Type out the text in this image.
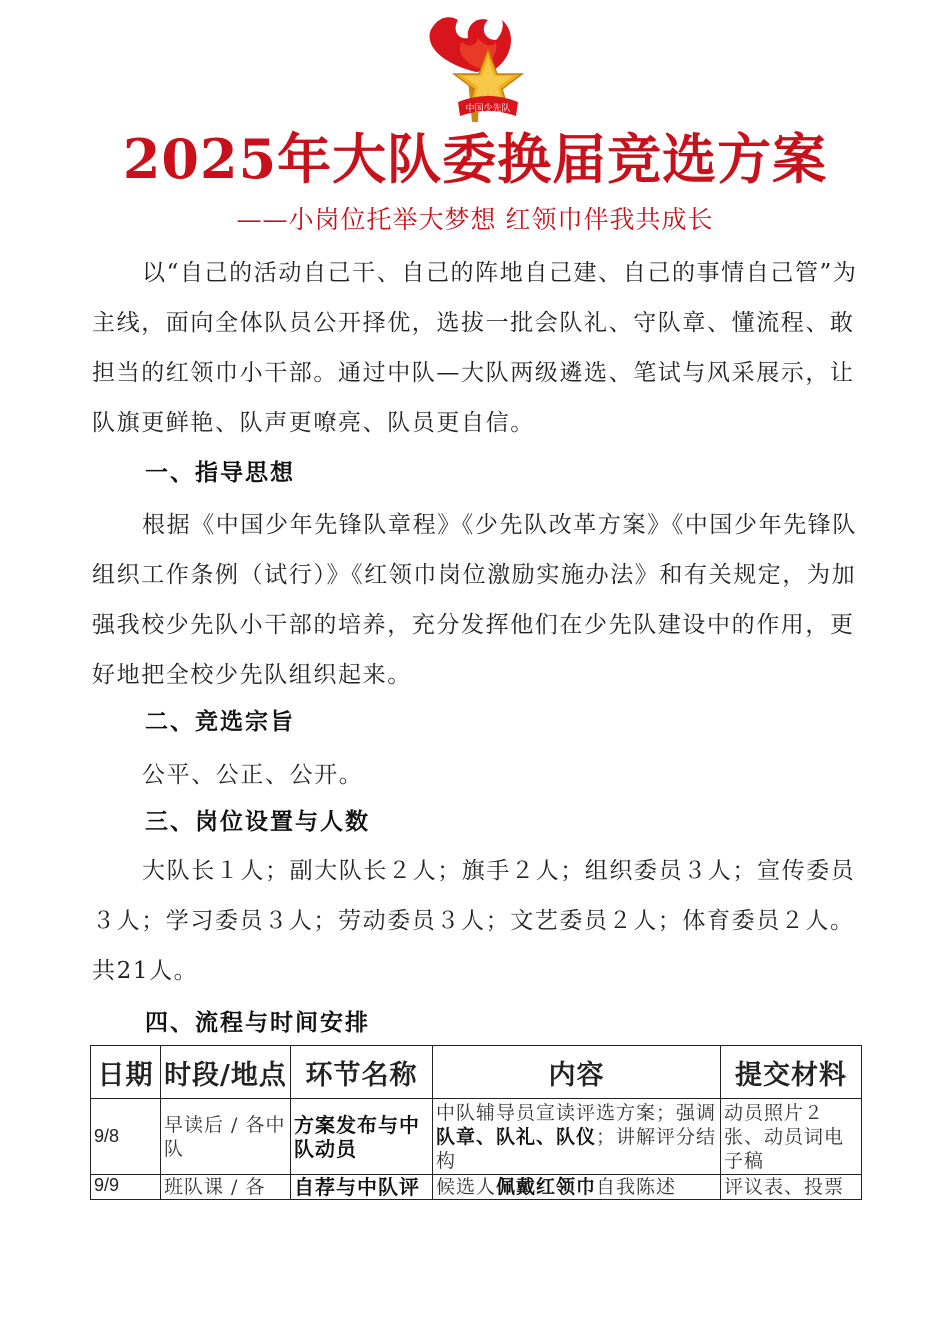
中国少先队
2025年大队委换届竞选方案
——小岗位托举大梦想 红领巾伴我共成长
以“自己的活动自己干、自己的阵地自己建、自己的事情自己管”为主线，面向全体队员公开择优，选拔一批会队礼、守队章、懂流程、敢担当的红领巾小干部。通过中队—大队两级遴选、笔试与风采展示，让队旗更鲜艳、队声更嘹亮、队员更自信。
一、指导思想
根据《中国少年先锋队章程》《少先队改革方案》《中国少年先锋队组织工作条例（试行）》《红领巾岗位激励实施办法》和有关规定，为加强我校少先队小干部的培养，充分发挥他们在少先队建设中的作用，更好地把全校少先队组织起来。
二、竞选宗旨
公平、公正、公开。
三、岗位设置与人数
大队长１人；副大队长２人；旗手２人；组织委员３人；宣传委员３人；学习委员３人；劳动委员３人；文艺委员２人；体育委员２人。共21人。
四、流程与时间安排
日期	时段/地点	环节名称	内容	提交材料
9/8	早读后 / 各中队	方案发布与中队动员	中队辅导员宣读评选方案；强调队章、队礼、队仪；讲解评分结构	动员照片２张、动员词电子稿
9/9	班队课 / 各	自荐与中队评	候选人佩戴红领巾自我陈述	评议表、投票
